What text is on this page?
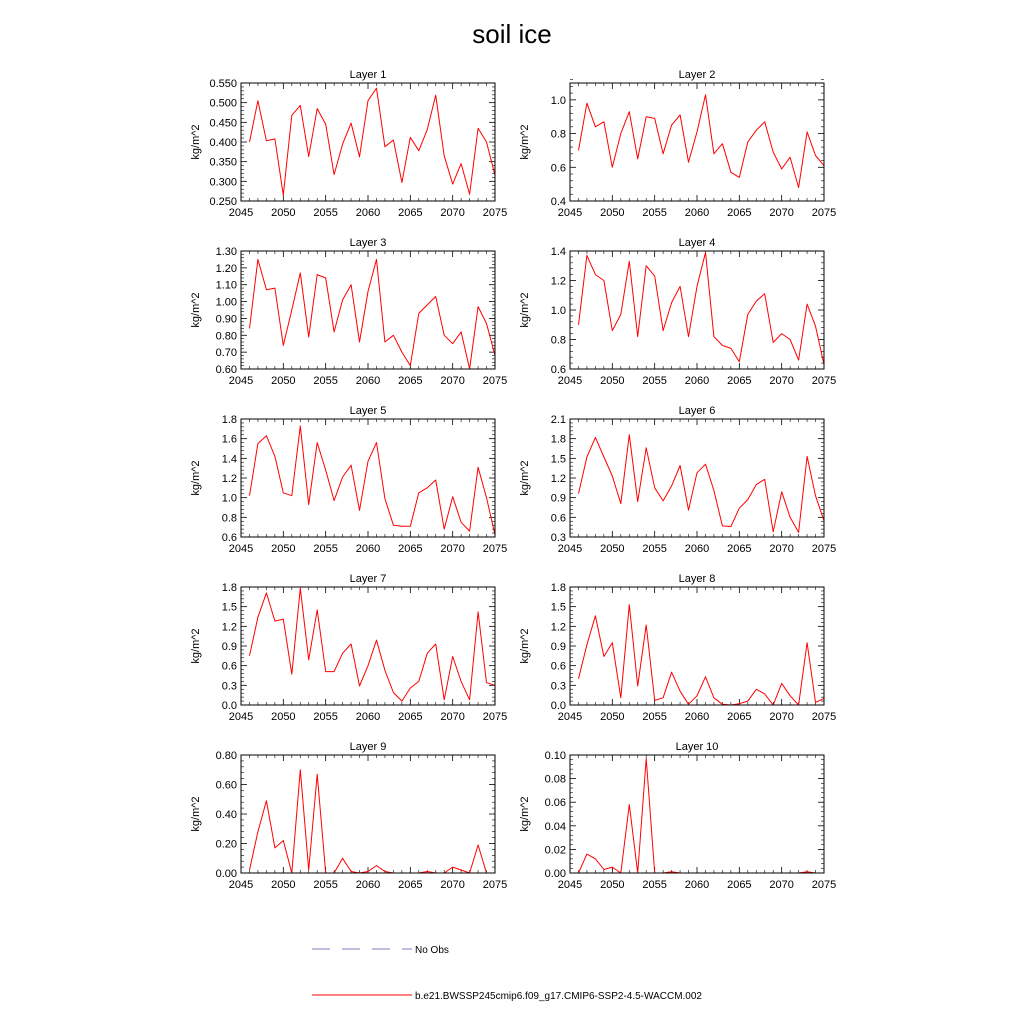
soil ice
Layer 1
kg/m^2
2045 2050 2055 2060 2065 2070 2075
0.250
0.300
0.350
0.400
0.450
0.500
0.550
Layer 2
kg/m^2
2045 2050 2055 2060 2065 2070 2075
0.4
0.6
0.8
1.0
Layer 3
kg/m^2
2045 2050 2055 2060 2065 2070 2075
0.60
0.70
0.80
0.90
1.00
1.10
1.20
1.30
Layer 4
kg/m^2
2045 2050 2055 2060 2065 2070 2075
0.6
0.8
1.0
1.2
1.4
Layer 5
kg/m^2
2045 2050 2055 2060 2065 2070 2075
0.6
0.8
1.0
1.2
1.4
1.6
1.8
Layer 6
kg/m^2
2045 2050 2055 2060 2065 2070 2075
0.3
0.6
0.9
1.2
1.5
1.8
2.1
Layer 7
kg/m^2
2045 2050 2055 2060 2065 2070 2075
0.0
0.3
0.6
0.9
1.2
1.5
1.8
Layer 8
kg/m^2
2045 2050 2055 2060 2065 2070 2075
0.0
0.3
0.6
0.9
1.2
1.5
1.8
Layer 9
kg/m^2
2045 2050 2055 2060 2065 2070 2075
0.00
0.20
0.40
0.60
0.80
Layer 10
kg/m^2
2045 2050 2055 2060 2065 2070 2075
0.00
0.02
0.04
0.06
0.08
0.10
No Obs
b.e21.BWSSP245cmip6.f09_g17.CMIP6-SSP2-4.5-WACCM.002
